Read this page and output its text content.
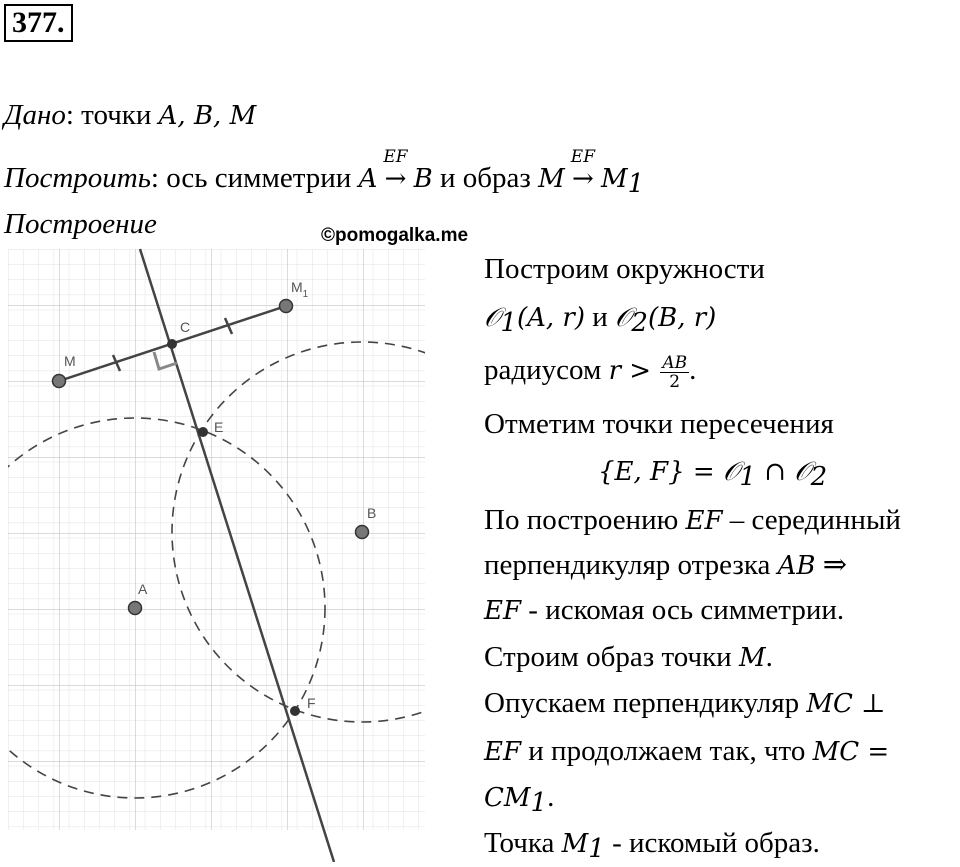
377.
Дано: точки A, B, M
Построить: ось симметрии A
EF
→ B и образ M
EF
→ $M_1$
Построение	©pomogalka.me
M
$M_1$
C
E
F
A
B
Построим окружности
𝒪$_1$(A, r) и 𝒪$_2$(B, r)
радиусом $r > \frac{AB}{2}$ .
Отметим точки пересечения
{E, F} = 𝒪$_1$ ∩ 𝒪$_2$
По построению EF – серединный
перпендикуляр отрезка AB ⇒
EF - искомая ось симметрии.
Строим образ точки M.
Опускаем перпендикуляр MC ⊥
EF и продолжаем так, что MC =
$CM_1$.
Точка $M_1$ - искомый образ.
